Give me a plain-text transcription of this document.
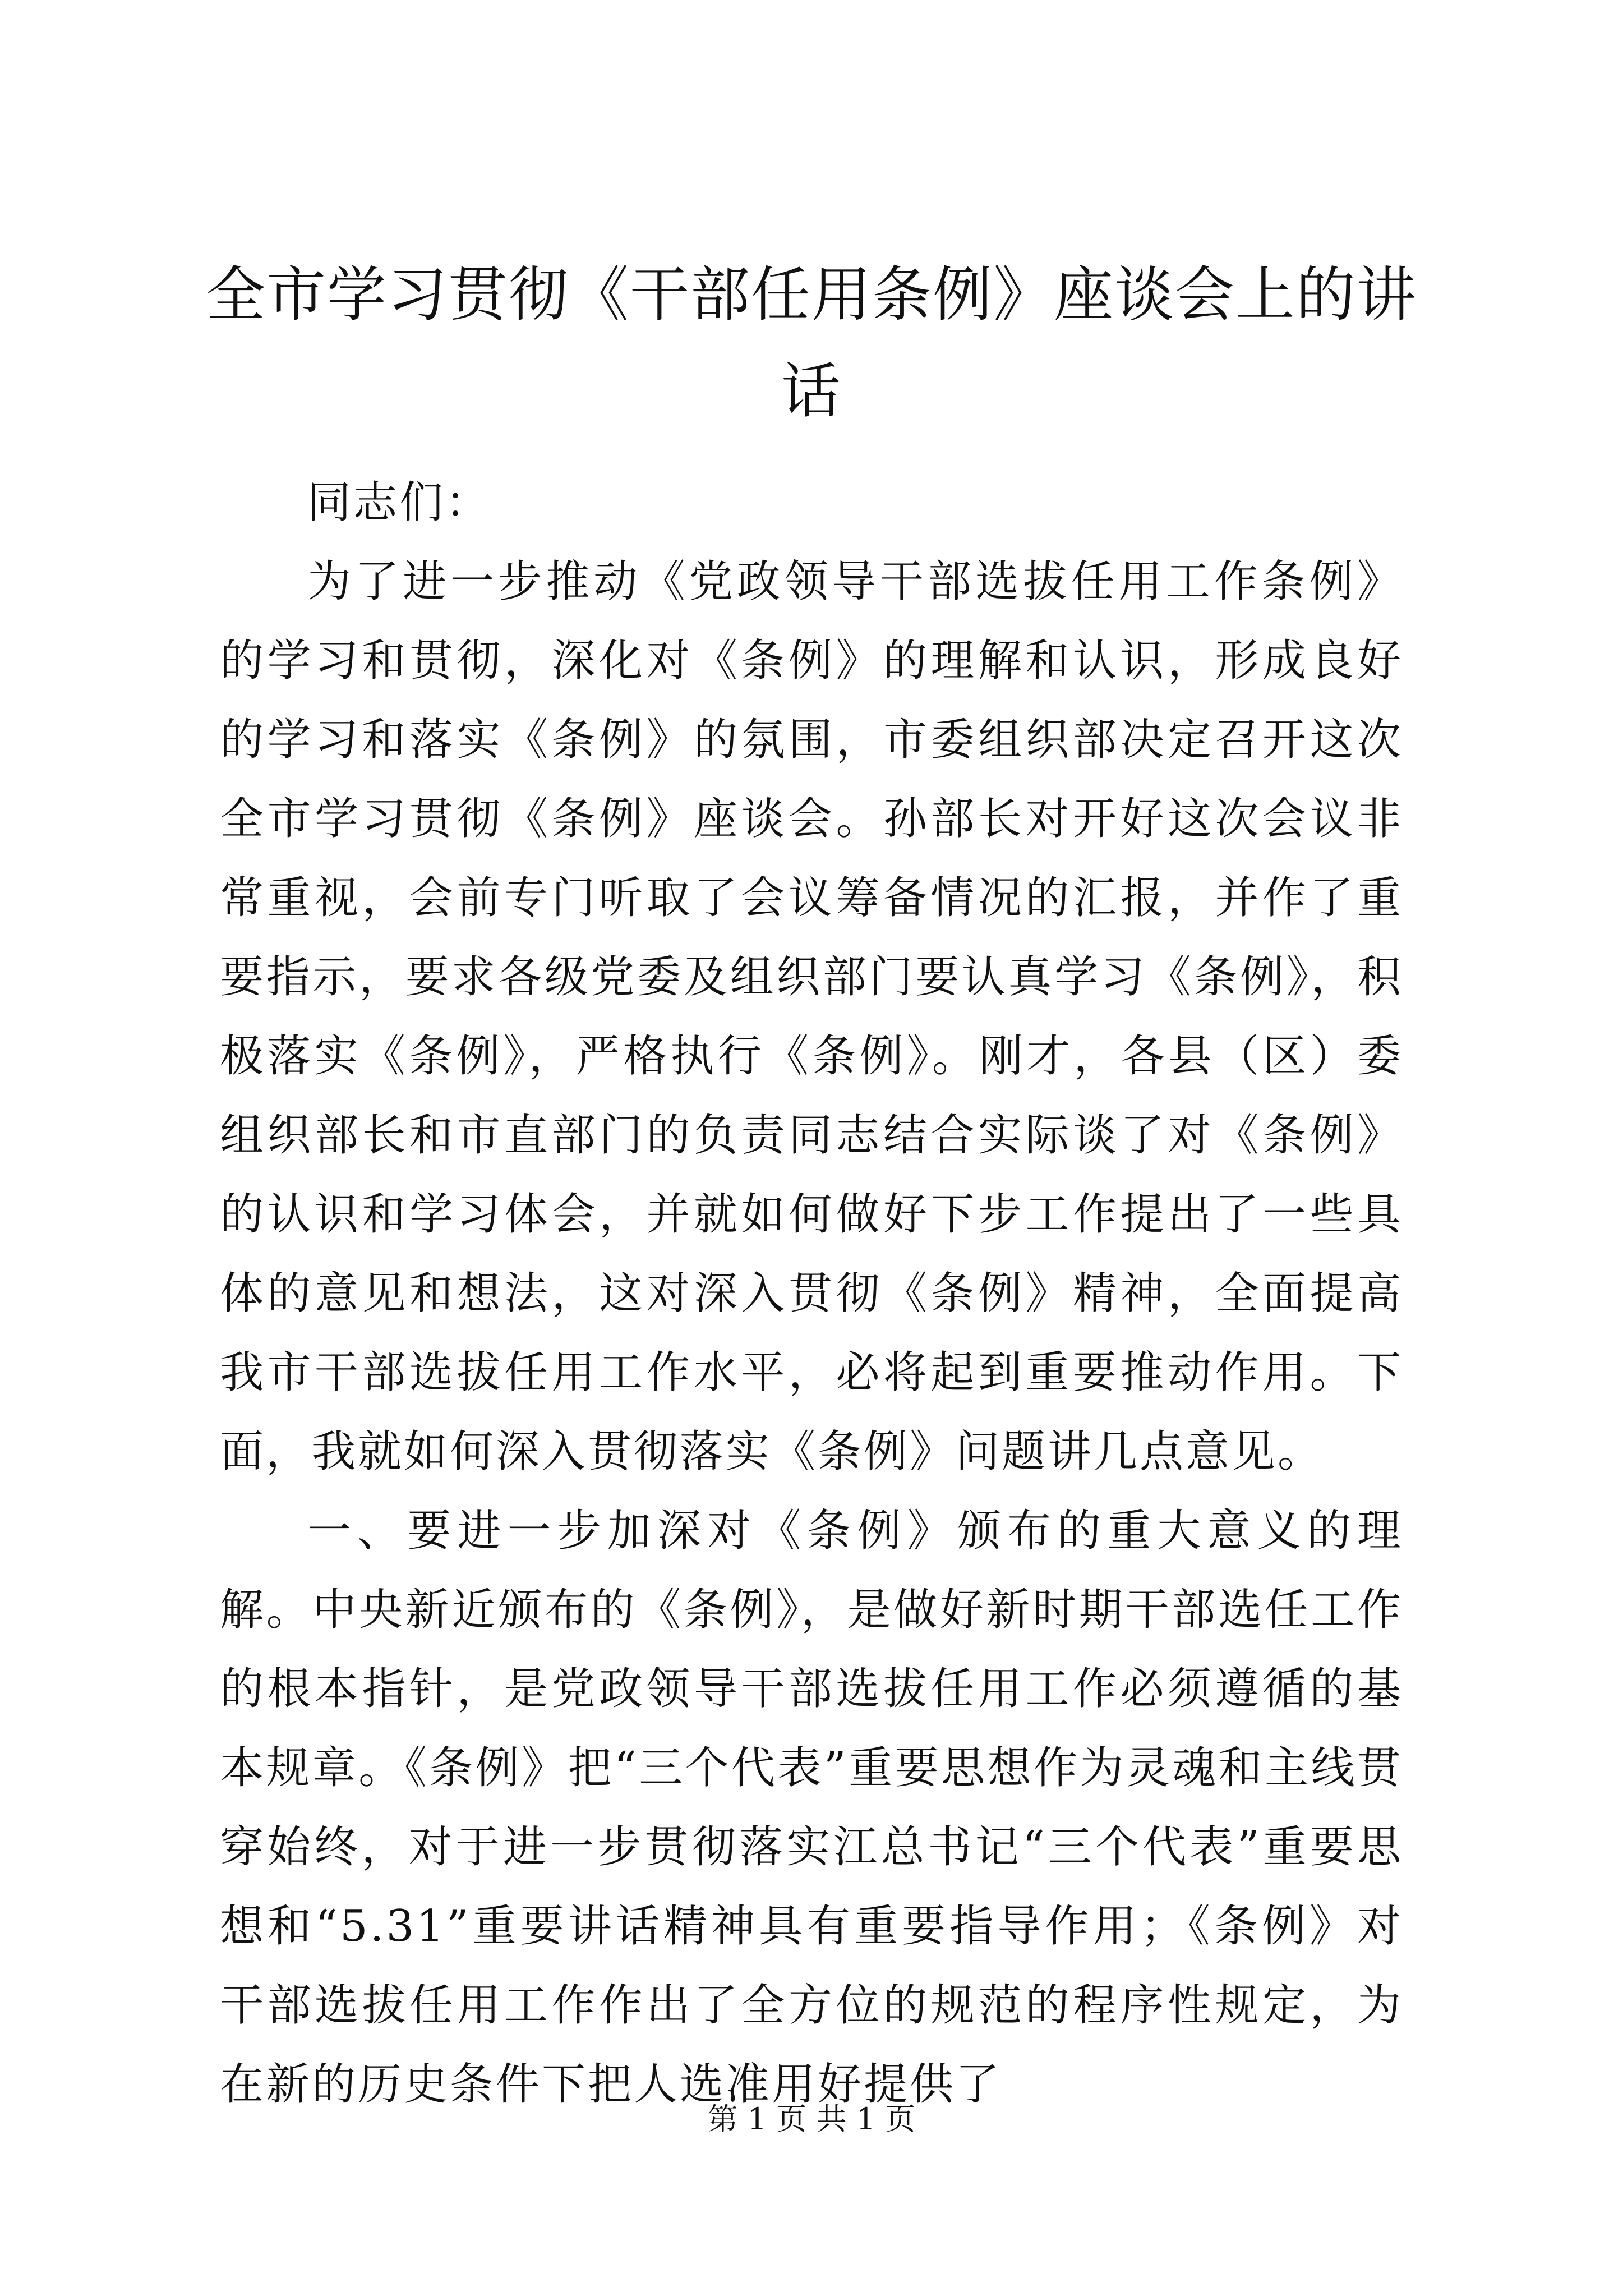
全市学习贯彻《干部任用条例》座谈会上的讲话

同志们：

为了进一步推动《党政领导干部选拔任用工作条例》的学习和贯彻，深化对《条例》的理解和认识，形成良好的学习和落实《条例》的氛围，市委组织部决定召开这次全市学习贯彻《条例》座谈会。孙部长对开好这次会议非常重视，会前专门听取了会议筹备情况的汇报，并作了重要指示，要求各级党委及组织部门要认真学习《条例》，积极落实《条例》，严格执行《条例》。刚才，各县（区）委组织部长和市直部门的负责同志结合实际谈了对《条例》的认识和学习体会，并就如何做好下步工作提出了一些具体的意见和想法，这对深入贯彻《条例》精神，全面提高我市干部选拔任用工作水平，必将起到重要推动作用。下面，我就如何深入贯彻落实《条例》问题讲几点意见。

一、要进一步加深对《条例》颁布的重大意义的理解。中央新近颁布的《条例》，是做好新时期干部选任工作的根本指针，是党政领导干部选拔任用工作必须遵循的基本规章。《条例》把“三个代表”重要思想作为灵魂和主线贯穿始终，对于进一步贯彻落实江总书记“三个代表”重要思想和“5.31”重要讲话精神具有重要指导作用；《条例》对干部选拔任用工作作出了全方位的规范的程序性规定，为在新的历史条件下把人选准用好提供了

第 1 页 共 1 页
